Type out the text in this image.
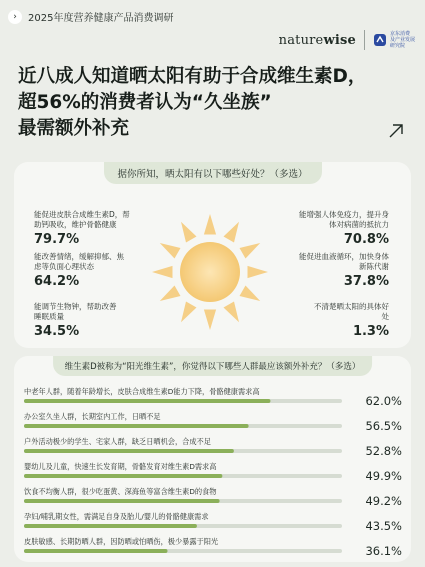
›	2025年度营养健康产品消费调研
naturewise	京东消费
及产业发展
研究院
近八成人知道晒太阳有助于合成维生素D，
超56%的消费者认为“久坐族”
最需额外补充
据你所知，晒太阳有以下哪些好处？（多选）
能促进皮肤合成维生素D，帮助钙吸收，维护骨骼健康
79.7%
能改善情绪，缓解抑郁、焦虑等负面心理状态
64.2%
能调节生物钟，帮助改善睡眠质量
34.5%
能增强人体免疫力，提升身体对病菌的抵抗力
70.8%
能促进血液循环，加快身体新陈代谢
37.8%
不清楚晒太阳的具体好处
1.3%
维生素D被称为“阳光维生素”，你觉得以下哪些人群最应该额外补充？（多选）
中老年人群，随着年龄增长，皮肤合成维生素D能力下降，骨骼健康需求高
62.0%
办公室久坐人群，长期室内工作，日晒不足
56.5%
户外活动极少的学生、宅家人群，缺乏日晒机会，合成不足
52.8%
婴幼儿及儿童，快速生长发育期，骨骼发育对维生素D需求高
49.9%
饮食不均衡人群，很少吃蛋黄、深海鱼等富含维生素D的食物
49.2%
孕妇/哺乳期女性，需满足自身及胎儿/婴儿的骨骼健康需求
43.5%
皮肤敏感、长期防晒人群，因防晒或怕晒伤，极少暴露于阳光
36.1%
